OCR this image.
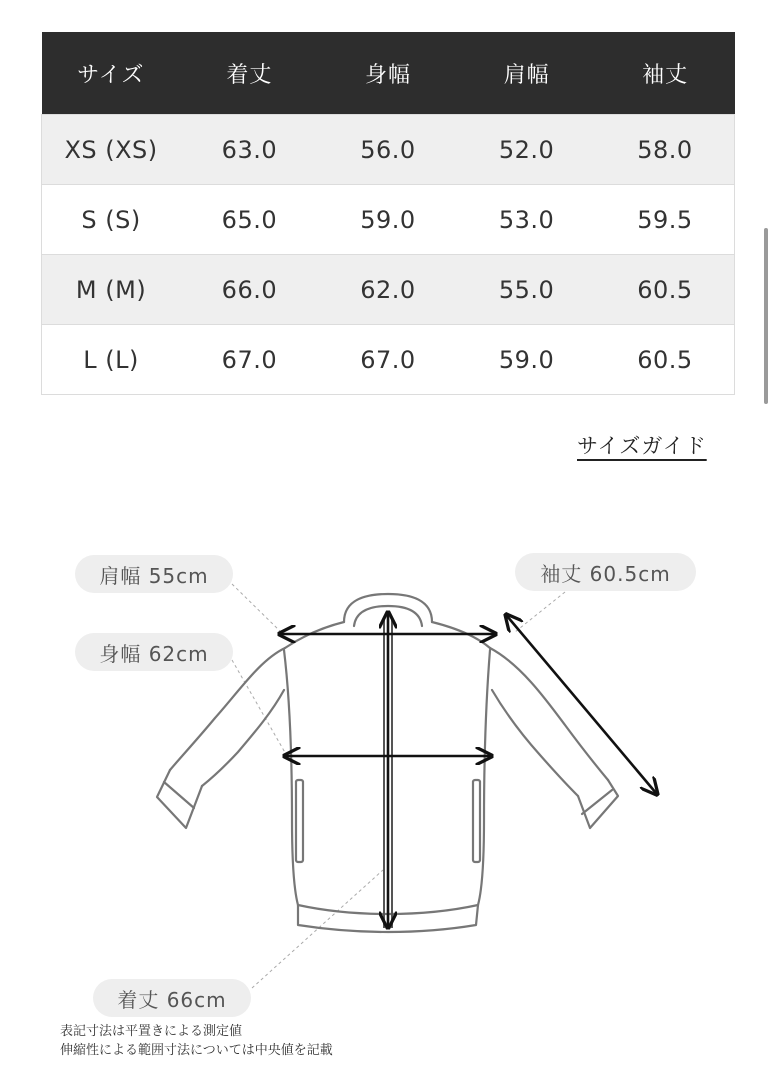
サイズ	着丈	身幅	肩幅	袖丈
XS (XS)	63.0	56.0	52.0	58.0
S (S)	65.0	59.0	53.0	59.5
M (M)	66.0	62.0	55.0	60.5
L (L)	67.0	67.0	59.0	60.5
サイズガイド
肩幅 55cm
身幅 62cm
袖丈 60.5cm
着丈 66cm
表記寸法は平置きによる測定値
伸縮性による範囲寸法については中央値を記載
